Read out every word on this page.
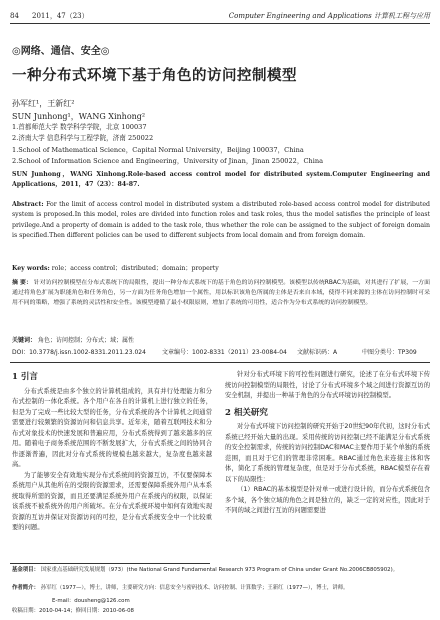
84 2011，47（23）	Computer Engineering and Applications 计算机工程与应用
◎网络、通信、安全◎
一种分布式环境下基于角色的访问控制模型
孙军红¹，王新红²
SUN Junhong¹，WANG Xinhong²
1.首都师范大学 数学科学学院，北京 100037
2.济南大学 信息科学与工程学院，济南 250022
1.School of Mathematical Science，Capital Normal University，Beijing 100037，China
2.School of Information Science and Engineering，University of Jinan，Jinan 250022，China
SUN Junhong，WANG Xinhong.Role-based access control model for distributed system.Computer Engineering and Applications，2011，47（23）：84-87.
Abstract: For the limit of access control model in distributed system a distributed role-based access control model for distributed system is proposed.In this model, roles are divided into function roles and task roles, thus the model satisfies the principle of least privilege.And a property of domain is added to the task role, thus whether the role can be assigned to the subject of foreign domain is specified.Then different policies can be used to different subjects from local domain and from foreign domain.
Key words: role；access control；distributed；domain；property
摘 要： 针对访问控制模型在分布式系统下的局限性，提出一种分布式系统下的基于角色的访问控制模型。该模型以传统RBAC为基础，对其进行了扩展，一方面通过将角色扩展为职能角色和任务角色，另一方面为任务角色增加一个属性，用以标识该角色所属的主体是否来自本域，使得不同来源的主体在访问控制时可采用不同的策略，增强了系统的灵活性和安全性。该模型遵循了最小权限原则，增加了系统的可用性，适合作为分布式系统的访问控制模型。
关键词： 角色；访问控制；分布式；域；属性
DOI：10.3778/j.issn.1002-8331.2011.23.024	文章编号：1002-8331（2011）23-0084-04 文献标识码：A	中图分类号：TP309

1 引言

分布式系统是由多个独立的计算机组成的，具有并行处理能力和分布式控制的一体化系统。各个用户在各自的计算机上进行独立的任务，但是为了完成一些比较大型的任务，分布式系统的各个计算机之间通常需要进行较频繁的资源访问和信息共享。近年来，随着互联网技术和分布式对象技术的快速发展和普遍应用，分布式系统得到了越来越多的应用。随着电子商务系统范围的不断发展扩大，分布式系统之间的协同合作逐渐普遍，因此对分布式系统的规模也越来越大，复杂度也越来越高。

为了能够安全有效地实现分布式系统间的资源互访，不仅要保障本系统用户从其他所在的受限的资源需求，还需要保障系统外用户从本系统取得所需的资源，而且还要满足系统外用户在系统内的权限，以保证该系统不被系统外的用户所破坏。在分布式系统环境中如何有效地实现资源的互访并保证对资源访问的可控，是分布式系统安全中一个比较重要的问题。

针对分布式环境下的可控性问题进行研究，论述了在分布式环境下传统访问控制模型的局限性，讨论了分布式环境多个域之间进行资源互访的安全机制，并提出一种基于角色的分布式环境访问控制模型。

2 相关研究

对分布式环境下访问控制的研究开始于20世纪90年代初，这时分布式系统已经开始大量的出现。采用传统的访问控制已经不能满足分布式系统的安全控制需求，传统的访问控制DAC和MAC主要作用于某个单独的系统范围，而且对于它们的管理非常困难。RBAC通过角色来连接主体和客体，简化了系统的管理复杂度，但是对于分布式系统，RBAC模型存在着以下的局限性：

（1）RBAC的基本模型是针对单一或进行设计的，而分布式系统包含多个域，各个独立域的角色之间是独立的，缺乏一定的对应性，因此对于不同的域之间进行互访的问题需要进

基金项目： 国家重点基础研究发展规划（973）(the National Grand Fundamental Research 973 Program of China under Grant No.2006CB805902)。
作者简介： 孙军红（1977—），博士，讲师，主要研究方向：信息安全与密码技术、访问控制、计算数学；王新红（1977—），博士，讲师。
E-mail：dousheng@126.com
收稿日期：2010-04-14；修回日期：2010-06-08
